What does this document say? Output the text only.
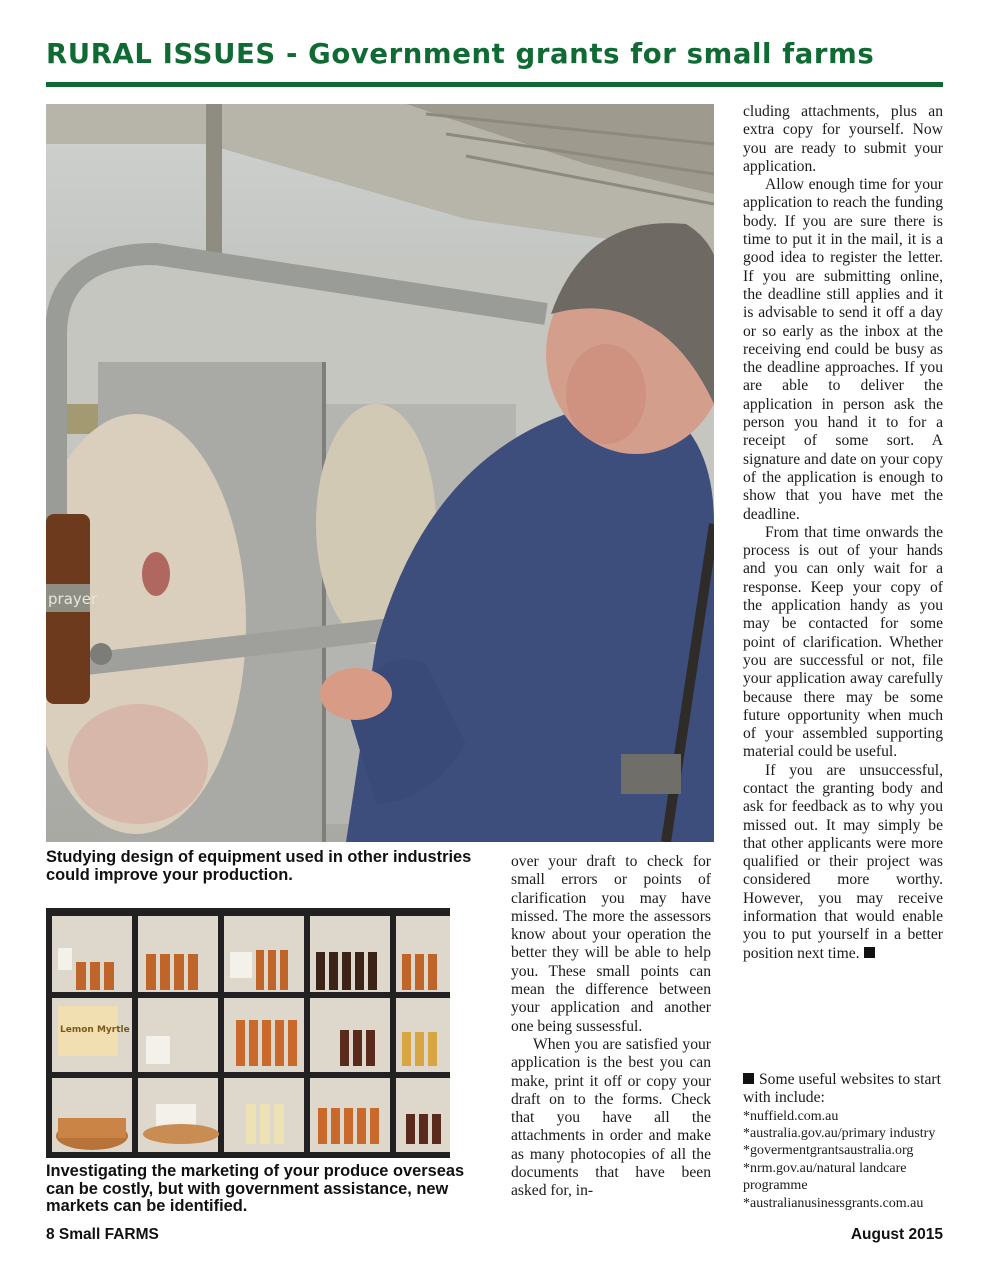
RURAL ISSUES - Government grants for small farms
prayer
Studying design of equipment used in other industries could improve your production.
Lemon Myrtle
Investigating the marketing of your produce overseas can be costly, but with government assistance, new markets can be identified.

over your draft to check for small errors or points of clarification you may have missed. The more the assessors know about your operation the better they will be able to help you. These small points can mean the difference between your application and another one being sussessful.

When you are satisfied your application is the best you can make, print it off or copy your draft on to the forms. Check that you have all the attachments in order and make as many photocopies of all the documents that have been asked for, in-

cluding attachments, plus an extra copy for yourself. Now you are ready to submit your application.

Allow enough time for your application to reach the funding body. If you are sure there is time to put it in the mail, it is a good idea to register the letter. If you are submitting online, the deadline still applies and it is advisable to send it off a day or so early as the inbox at the receiving end could be busy as the deadline approaches. If you are able to deliver the application in person ask the person you hand it to for a receipt of some sort. A signature and date on your copy of the application is enough to show that you have met the deadline.

From that time onwards the process is out of your hands and you can only wait for a response. Keep your copy of the application handy as you may be contacted for some point of clarification. Whether you are successful or not, file your application away carefully because there may be some future opportunity when much of your assembled supporting material could be useful.

If you are unsuccessful, contact the granting body and ask for feedback as to why you missed out. It may simply be that other applicants were more qualified or their project was considered more worthy. However, you may receive information that would enable you to put yourself in a better position next time.

Some useful websites to start with include:

*nuffield.com.au
*australia.gov.au/primary industry
*govermentgrantsaustralia.org
*nrm.gov.au/natural landcare programme
*australianusinessgrants.com.au
8 Small FARMS	August 2015
